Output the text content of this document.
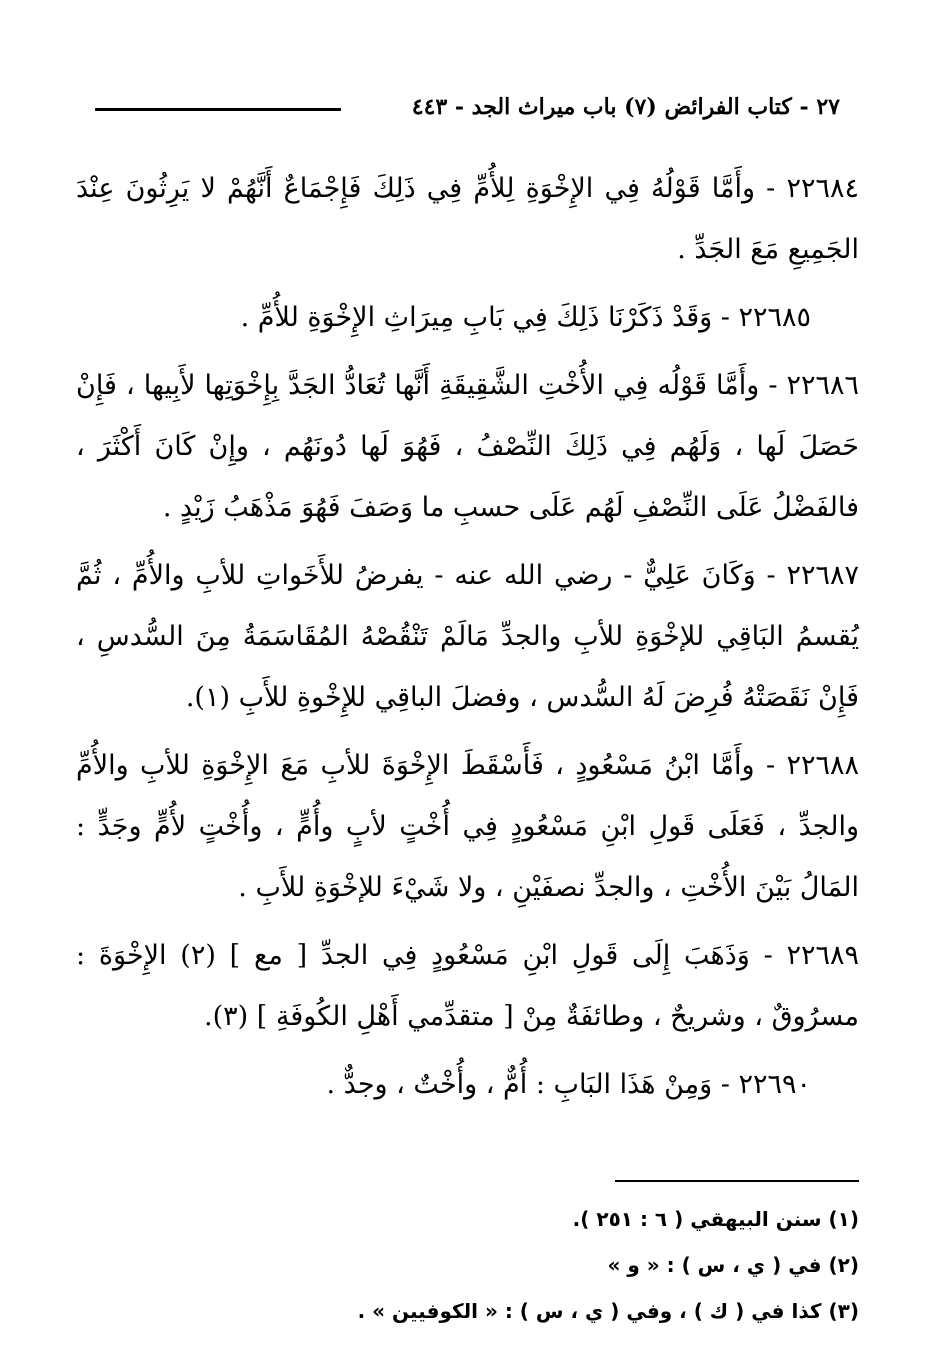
٢٧ - كتاب الفرائض (٧) باب ميراث الجد - ٤٤٣

٢٢٦٨٤ - وأَمَّا قَوْلُهُ فِي الإِخْوَةِ لِلأُمِّ فِي ذَلِكَ فَإِجْمَاعٌ أَنَّهُمْ لا يَرِثُونَ عِنْدَ الجَمِيعِ مَعَ الجَدِّ .

٢٢٦٨٥ - وَقَدْ ذَكَرْنَا ذَلِكَ فِي بَابِ مِيرَاثِ الإِخْوَةِ للأُمِّ .

٢٢٦٨٦ - وأَمَّا قَوْلُه فِي الأُخْتِ الشَّقِيقَةِ أَنَّها تُعَادُّ الجَدَّ بِإِخْوَتِها لأَبِيها ، فَإِنْ حَصَلَ لَها ، وَلَهُم فِي ذَلِكَ النِّصْفُ ، فَهُوَ لَها دُونَهُم ، وإِنْ كَانَ أَكْثَرَ ، فالفَضْلُ عَلَى النِّصْفِ لَهُم عَلَى حسبِ ما وَصَفَ فَهُوَ مَذْهَبُ زَيْدٍ .

٢٢٦٨٧ - وَكَانَ عَلِيٌّ - رضي الله عنه - يفرضُ للأَخَواتِ للأبِ والأُمِّ ، ثُمَّ يُقسمُ البَاقِي للإخْوَةِ للأبِ والجدِّ مَالَمْ تَنْقُصْهُ المُقَاسَمَةُ مِنَ السُّدسِ ، فَإِنْ نَقَصَتْهُ فُرِضَ لَهُ السُّدس ، وفضلَ الباقِي للإِخْوةِ للأَبِ (١).

٢٢٦٨٨ - وأَمَّا ابْنُ مَسْعُودٍ ، فَأَسْقَطَ الإِخْوَةَ للأبِ مَعَ الإِخْوَةِ للأبِ والأُمِّ والجدِّ ، فَعَلَى قَولِ ابْنِ مَسْعُودٍ فِي أُخْتٍ لأبٍ وأُمٍّ ، وأُخْتٍ لأُمٍّ وجَدٍّ : المَالُ بَيْنَ الأُخْتِ ، والجدِّ نصفَيْنِ ، ولا شَيْءَ للإخْوَةِ للأَبِ .

٢٢٦٨٩ - وَذَهَبَ إِلَى قَولِ ابْنِ مَسْعُودٍ فِي الجدِّ [ مع ] (٢) الإِخْوَةَ : مسرُوقٌ ، وشريحٌ ، وطائفَةٌ مِنْ [ متقدِّمي أَهْلِ الكُوفَةِ ] (٣).

٢٢٦٩٠ - وَمِنْ هَذَا البَابِ : أُمٌّ ، وأُخْتٌ ، وجدٌّ .

(١) سنن البيهقي ( ٦ : ٢٥١ ).

(٢) في ( ي ، س ) : « و »

(٣) كذا في ( ك ) ، وفي ( ي ، س ) : « الكوفيين » .
